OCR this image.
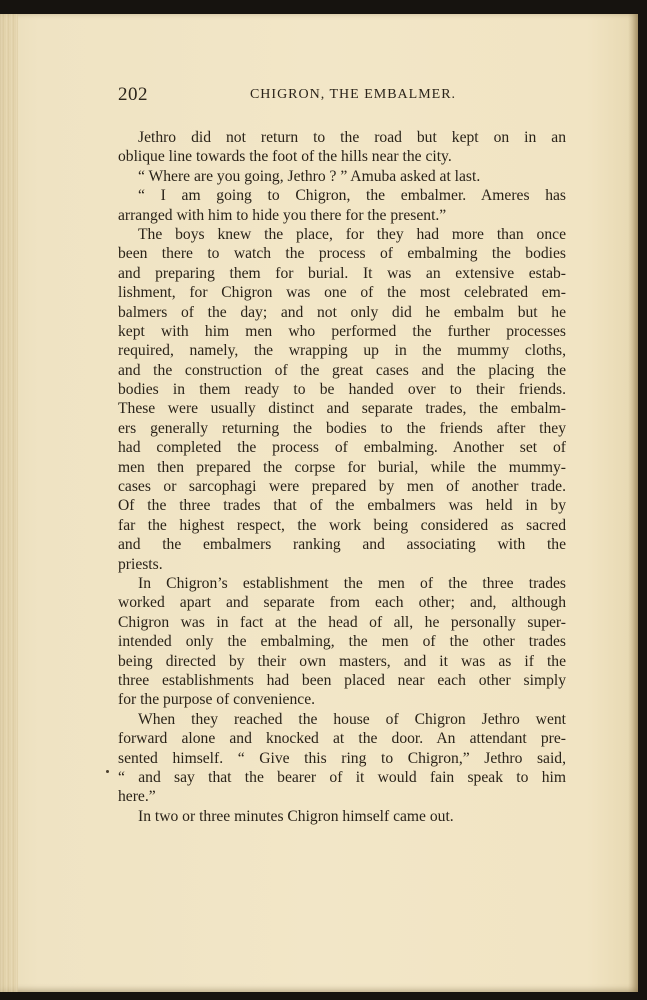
202	CHIGRON, THE EMBALMER.
Jethro did not return to the road but kept on in an
oblique line towards the foot of the hills near the city.
“ Where are you going, Jethro ? ” Amuba asked at last.
“ I am going to Chigron, the embalmer. Ameres has
arranged with him to hide you there for the present.”
The boys knew the place, for they had more than once
been there to watch the process of embalming the bodies
and preparing them for burial. It was an extensive estab-
lishment, for Chigron was one of the most celebrated em-
balmers of the day; and not only did he embalm but he
kept with him men who performed the further processes
required, namely, the wrapping up in the mummy cloths,
and the construction of the great cases and the placing the
bodies in them ready to be handed over to their friends.
These were usually distinct and separate trades, the embalm-
ers generally returning the bodies to the friends after they
had completed the process of embalming. Another set of
men then prepared the corpse for burial, while the mummy-
cases or sarcophagi were prepared by men of another trade.
Of the three trades that of the embalmers was held in by
far the highest respect, the work being considered as sacred
and the embalmers ranking and associating with the
priests.
In Chigron’s establishment the men of the three trades
worked apart and separate from each other; and, although
Chigron was in fact at the head of all, he personally super-
intended only the embalming, the men of the other trades
being directed by their own masters, and it was as if the
three establishments had been placed near each other simply
for the purpose of convenience.
When they reached the house of Chigron Jethro went
forward alone and knocked at the door. An attendant pre-
sented himself. “ Give this ring to Chigron,” Jethro said,
“ and say that the bearer of it would fain speak to him
here.”
In two or three minutes Chigron himself came out.
